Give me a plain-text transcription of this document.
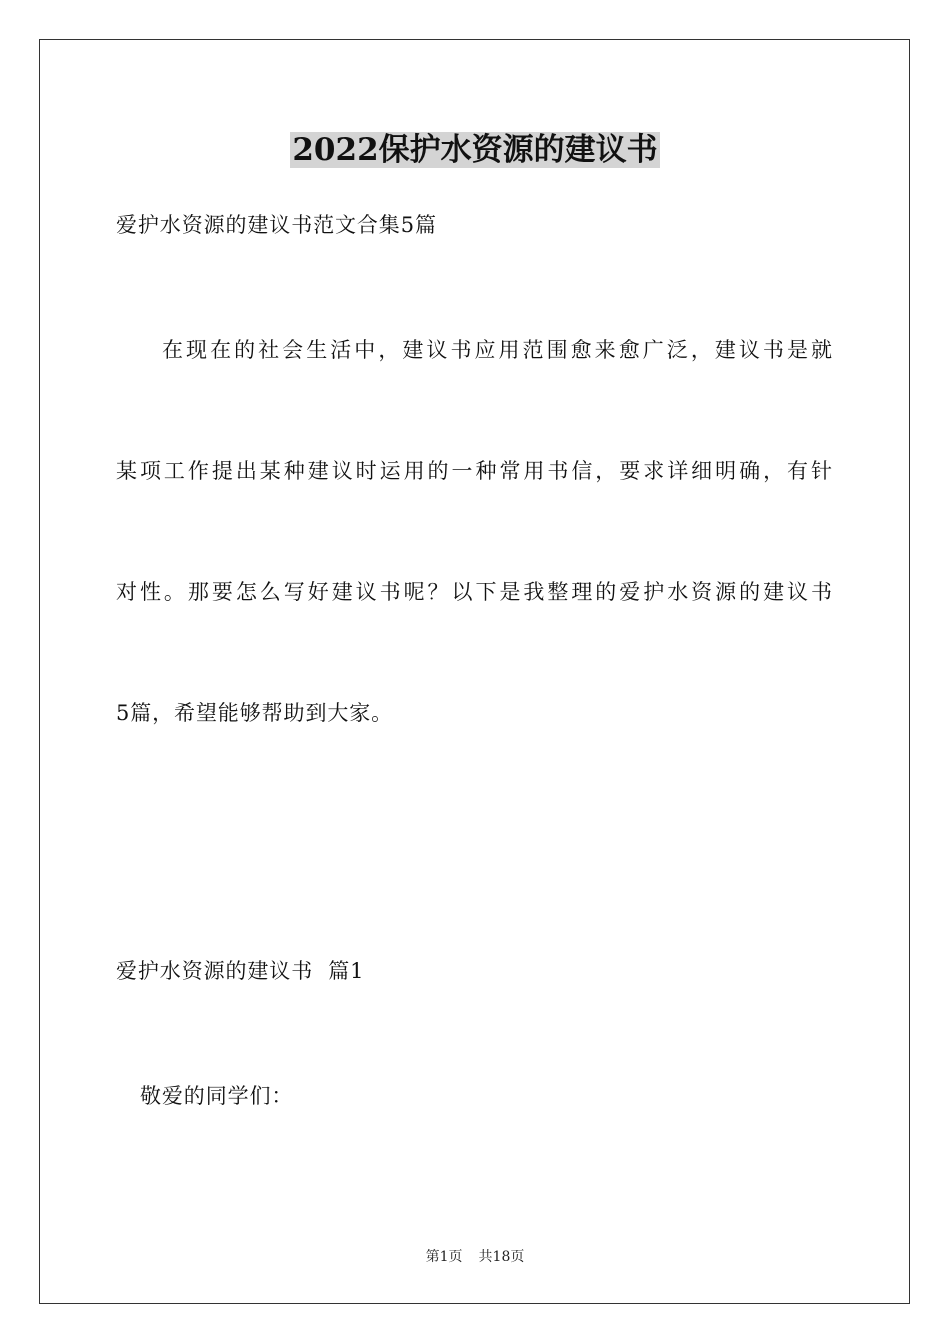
2022保护水资源的建议书
爱护水资源的建议书范文合集5篇
在现在的社会生活中，建议书应用范围愈来愈广泛，建议书是就
某项工作提出某种建议时运用的一种常用书信，要求详细明确，有针
对性。那要怎么写好建议书呢？以下是我整理的爱护水资源的建议书
5篇，希望能够帮助到大家。
爱护水资源的建议书  篇1
敬爱的同学们：
第1页 共18页
